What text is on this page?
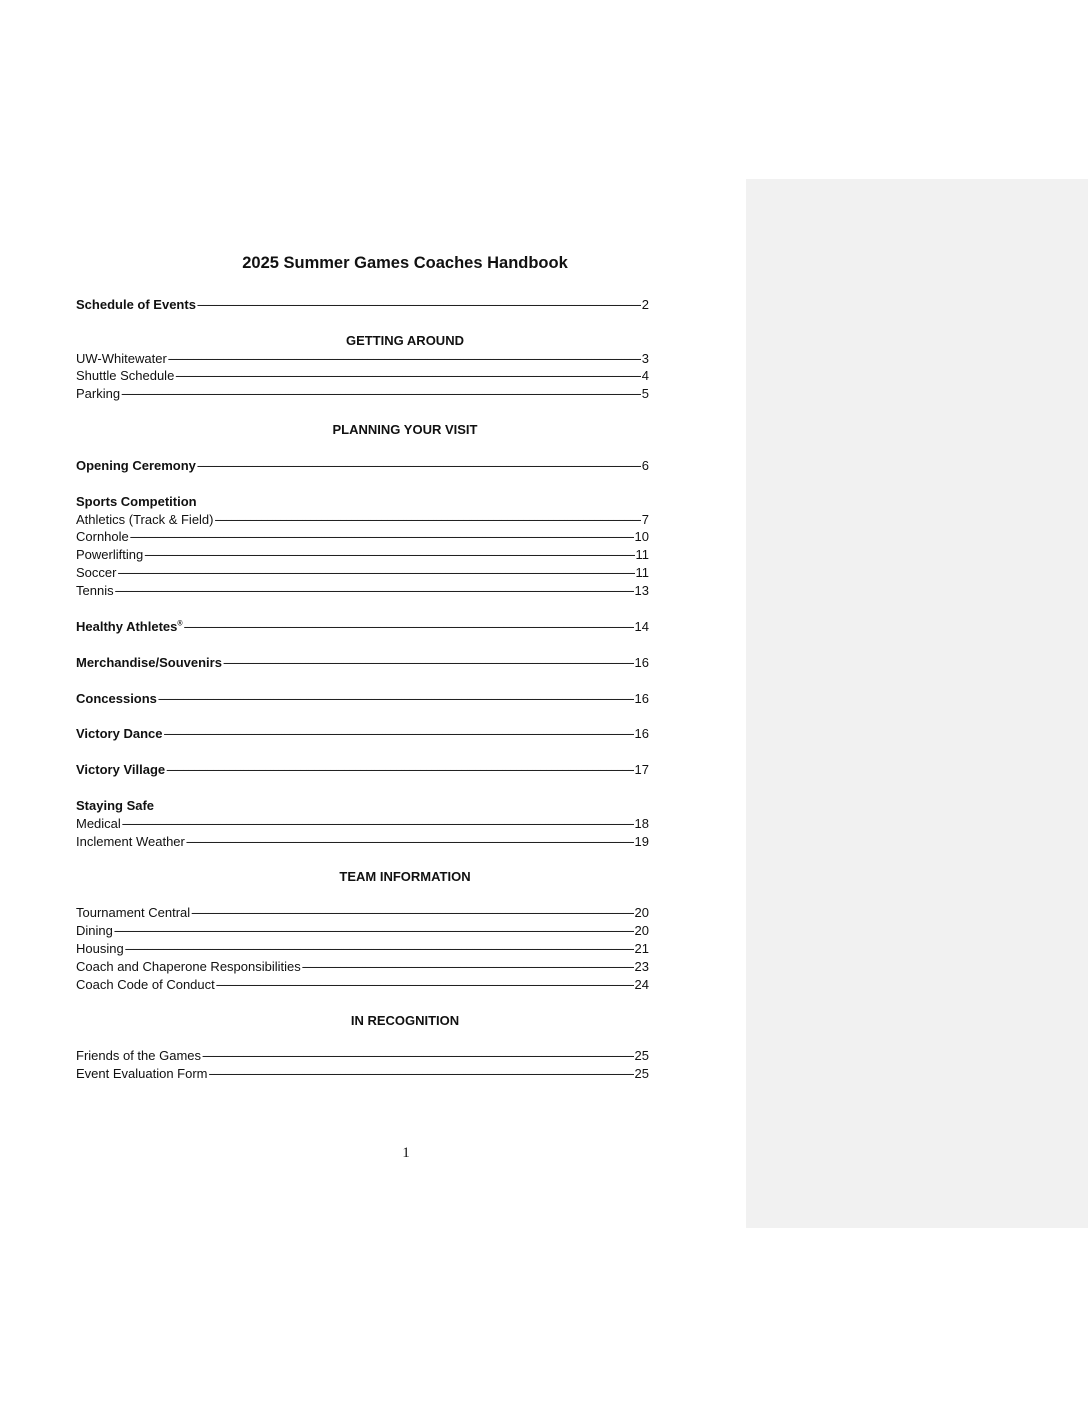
2025 Summer Games Coaches Handbook
Schedule of Events -----	2
GETTING AROUND
UW-Whitewater -----	3
Shuttle Schedule -----	4
Parking -----	5
PLANNING YOUR VISIT
Opening Ceremony -----	6
Sports Competition
Athletics (Track & Field) -----	7
Cornhole -----	10
Powerlifting -----	11
Soccer -----	11
Tennis -----	13
Healthy Athletes® -----	14
Merchandise/Souvenirs -----	16
Concessions -----	16
Victory Dance -----	16
Victory Village -----	17
Staying Safe
Medical -----	18
Inclement Weather -----	19
TEAM INFORMATION
Tournament Central -----	20
Dining -----	20
Housing -----	21
Coach and Chaperone Responsibilities -----	23
Coach Code of Conduct -----	24
IN RECOGNITION
Friends of the Games -----	25
Event Evaluation Form -----	25
1
